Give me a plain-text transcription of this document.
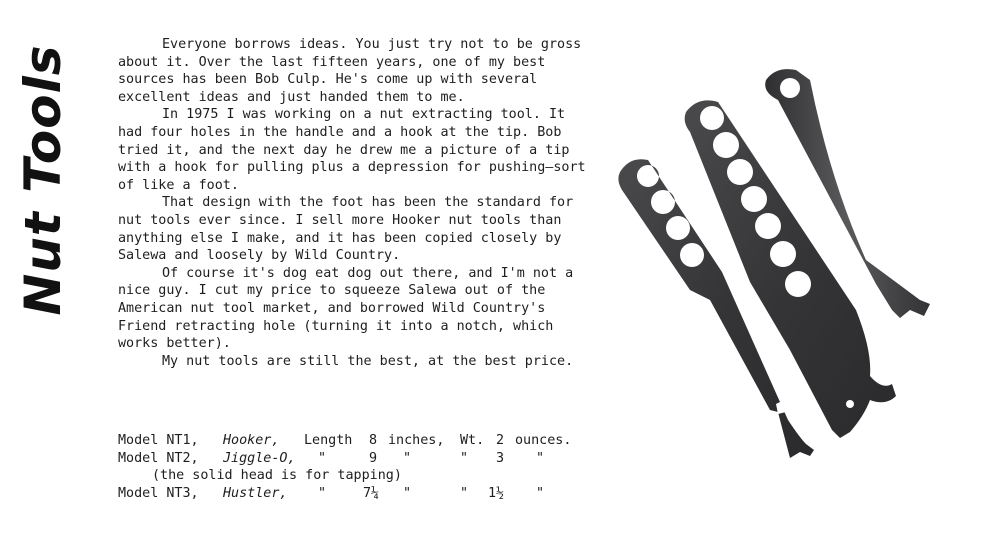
Nut Tools	Everyone borrows ideas. You just try not to be gross about it. Over the last fifteen years, one of my best sources has been Bob Culp. He's come up with several excellent ideas and just handed them to me.

In 1975 I was working on a nut extracting tool. It had four holes in the handle and a hook at the tip. Bob tried it, and the next day he drew me a picture of a tip with a hook for pulling plus a depression for pushing—sort of like a foot.

That design with the foot has been the standard for nut tools ever since. I sell more Hooker nut tools than anything else I make, and it has been copied closely by Salewa and loosely by Wild Country.

Of course it's dog eat dog out there, and I'm not a nice guy. I cut my price to squeeze Salewa out of the American nut tool market, and borrowed Wild Country's Friend retracting hole (turning it into a notch, which works better).

My nut tools are still the best, at the best price.

Model NT1, Hooker, Length 8 inches, Wt. 2 ounces.
Model NT2, Jiggle-O, "	9 "	" 3 "
(the solid head is for tapping)
Model NT3, Hustler, "	7¼ "	" 1½ "
